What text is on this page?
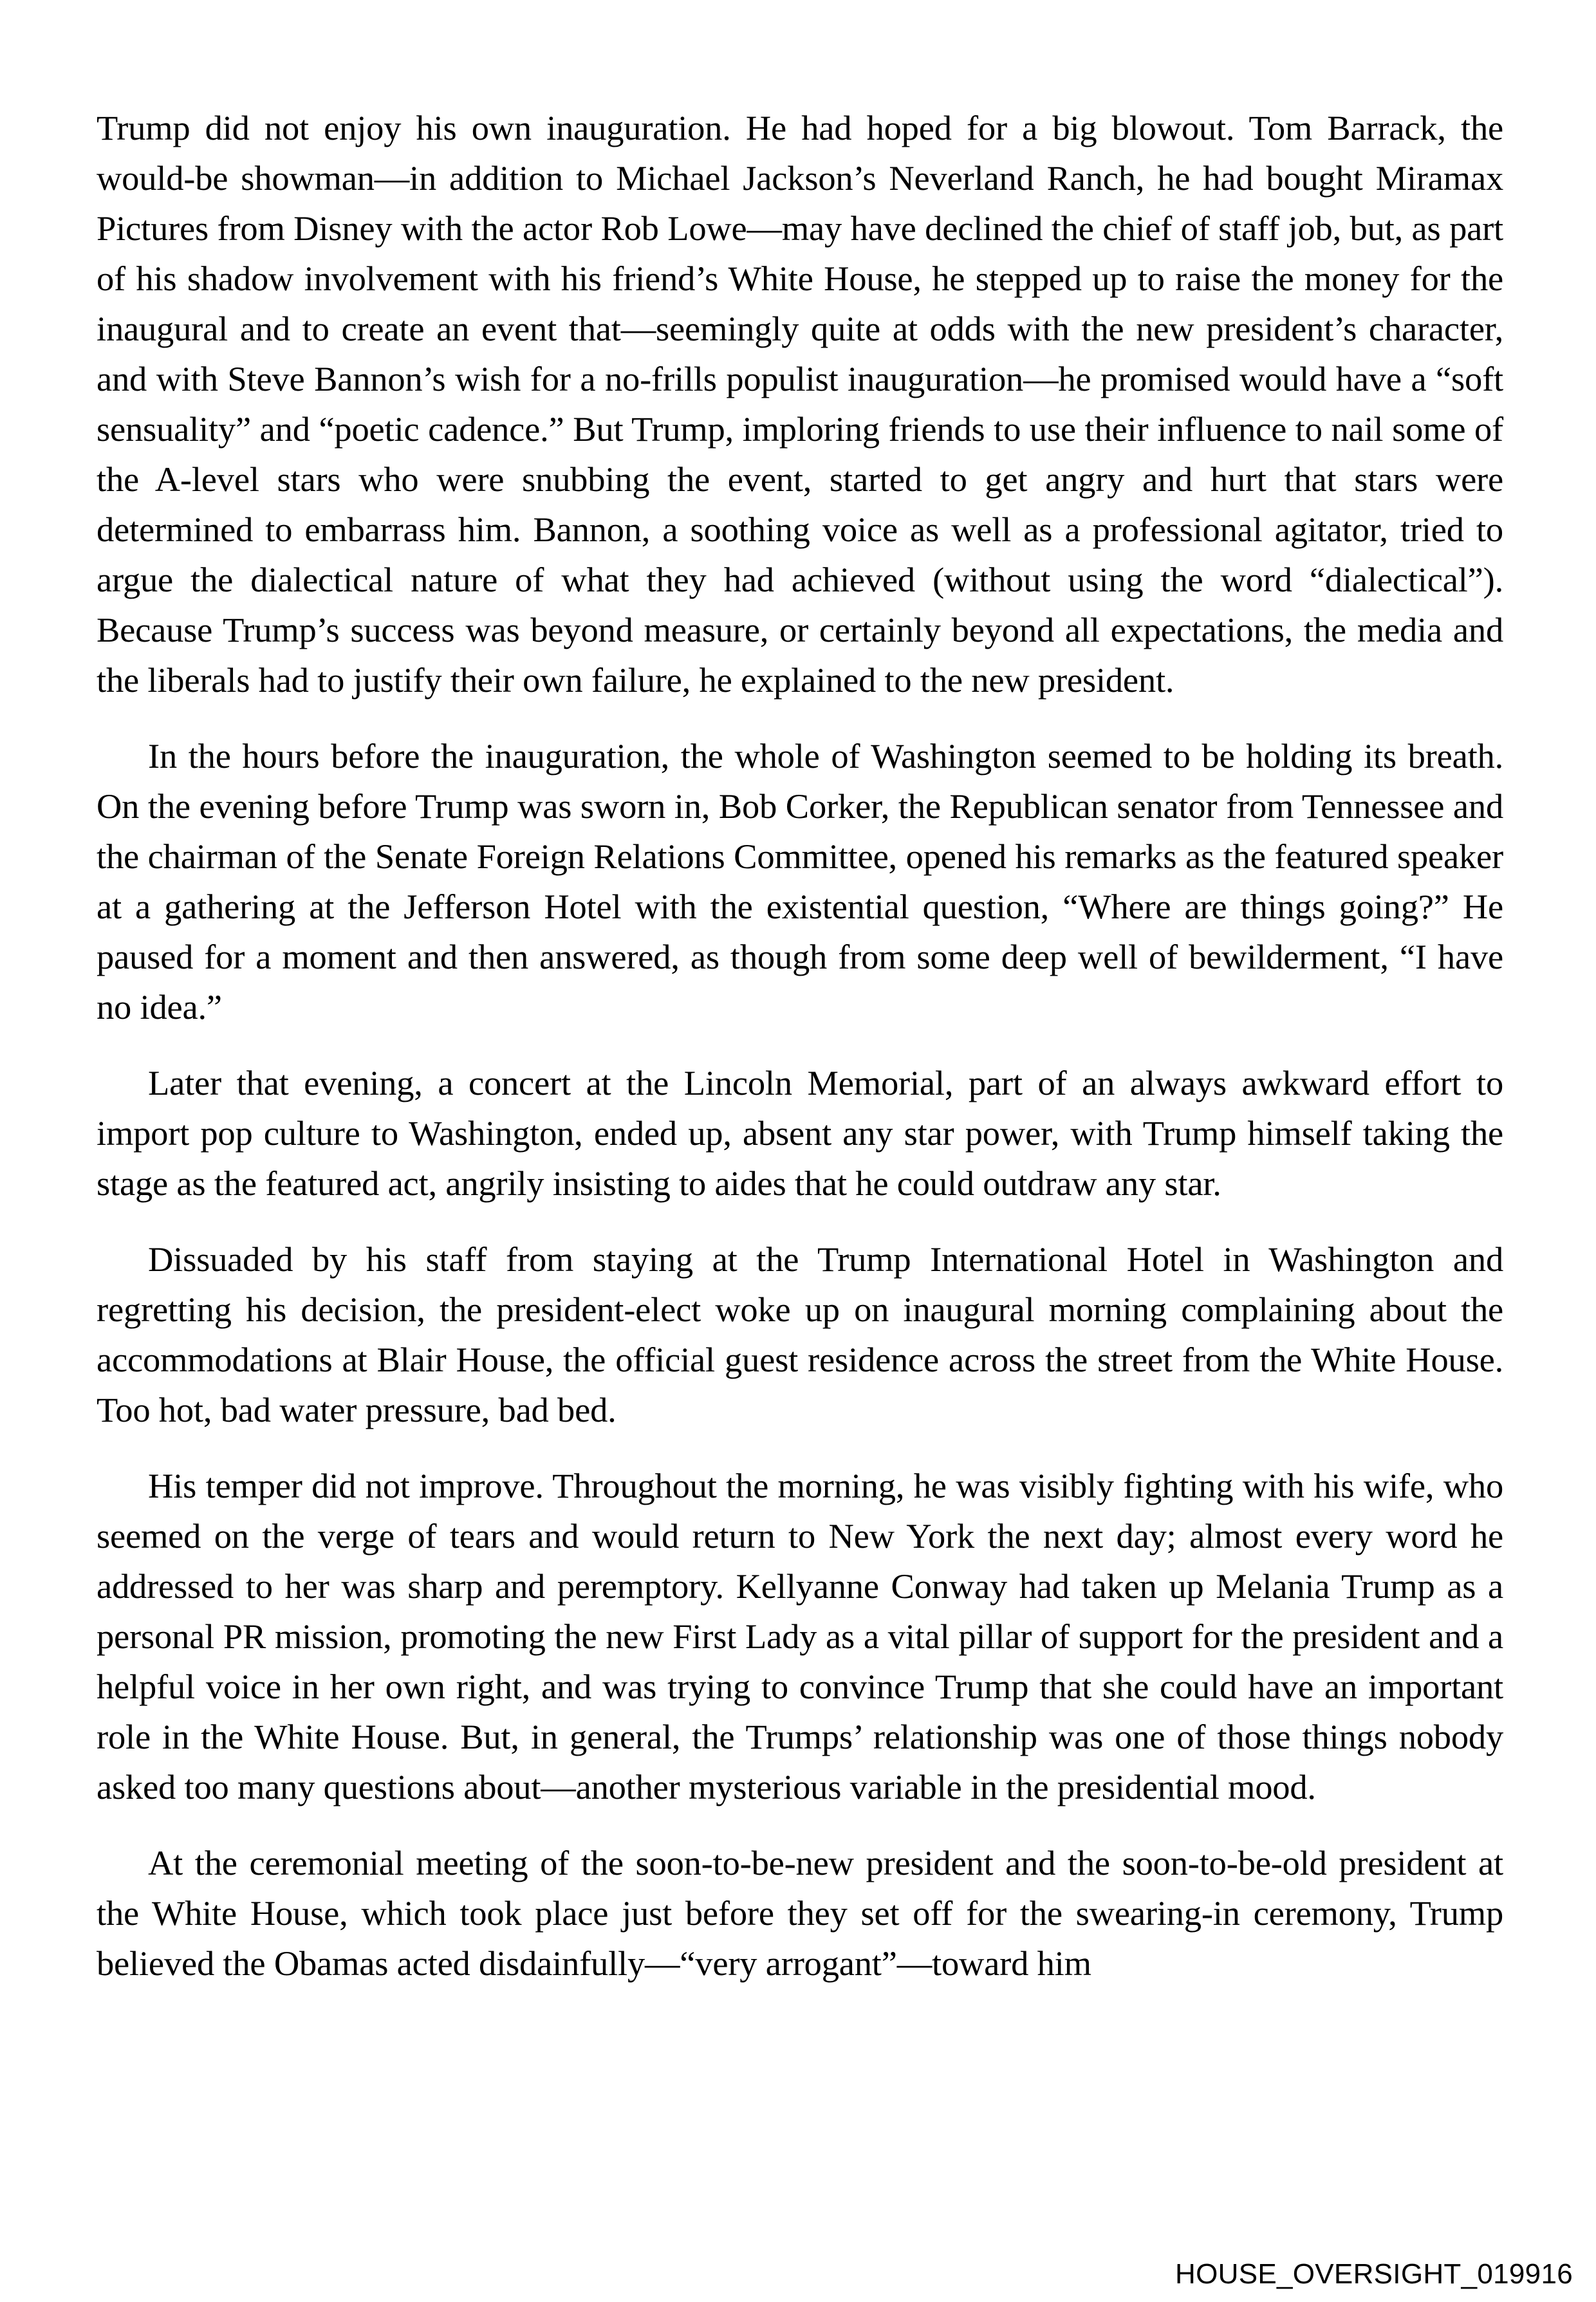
Trump did not enjoy his own inauguration. He had hoped for a big blowout. Tom Barrack, the would-be showman—in addition to Michael Jackson’s Neverland Ranch, he had bought Miramax Pictures from Disney with the actor Rob Lowe—may have declined the chief of staff job, but, as part of his shadow involvement with his friend’s White House, he stepped up to raise the money for the inaugural and to create an event that—seemingly quite at odds with the new president’s character, and with Steve Bannon’s wish for a no-frills populist inauguration—he promised would have a “soft sensuality” and “poetic cadence.” But Trump, imploring friends to use their influence to nail some of the A-level stars who were snubbing the event, started to get angry and hurt that stars were determined to embarrass him. Bannon, a soothing voice as well as a professional agitator, tried to argue the dialectical nature of what they had achieved (without using the word “dialectical”). Because Trump’s success was beyond measure, or certainly beyond all expectations, the media and the liberals had to justify their own failure, he explained to the new president.

In the hours before the inauguration, the whole of Washington seemed to be holding its breath. On the evening before Trump was sworn in, Bob Corker, the Republican senator from Tennessee and the chairman of the Senate Foreign Relations Committee, opened his remarks as the featured speaker at a gathering at the Jefferson Hotel with the existential question, “Where are things going?” He paused for a moment and then answered, as though from some deep well of bewilderment, “I have no idea.”

Later that evening, a concert at the Lincoln Memorial, part of an always awkward effort to import pop culture to Washington, ended up, absent any star power, with Trump himself taking the stage as the featured act, angrily insisting to aides that he could outdraw any star.

Dissuaded by his staff from staying at the Trump International Hotel in Washington and regretting his decision, the president-elect woke up on inaugural morning complaining about the accommodations at Blair House, the official guest residence across the street from the White House. Too hot, bad water pressure, bad bed.

His temper did not improve. Throughout the morning, he was visibly fighting with his wife, who seemed on the verge of tears and would return to New York the next day; almost every word he addressed to her was sharp and peremptory. Kellyanne Conway had taken up Melania Trump as a personal PR mission, promoting the new First Lady as a vital pillar of support for the president and a helpful voice in her own right, and was trying to convince Trump that she could have an important role in the White House. But, in general, the Trumps’ relationship was one of those things nobody asked too many questions about—another mysterious variable in the presidential mood.

At the ceremonial meeting of the soon-to-be-new president and the soon-to-be-old president at the White House, which took place just before they set off for the swearing-in ceremony, Trump believed the Obamas acted disdainfully—“very arrogant”—toward him

HOUSE_OVERSIGHT_019916
